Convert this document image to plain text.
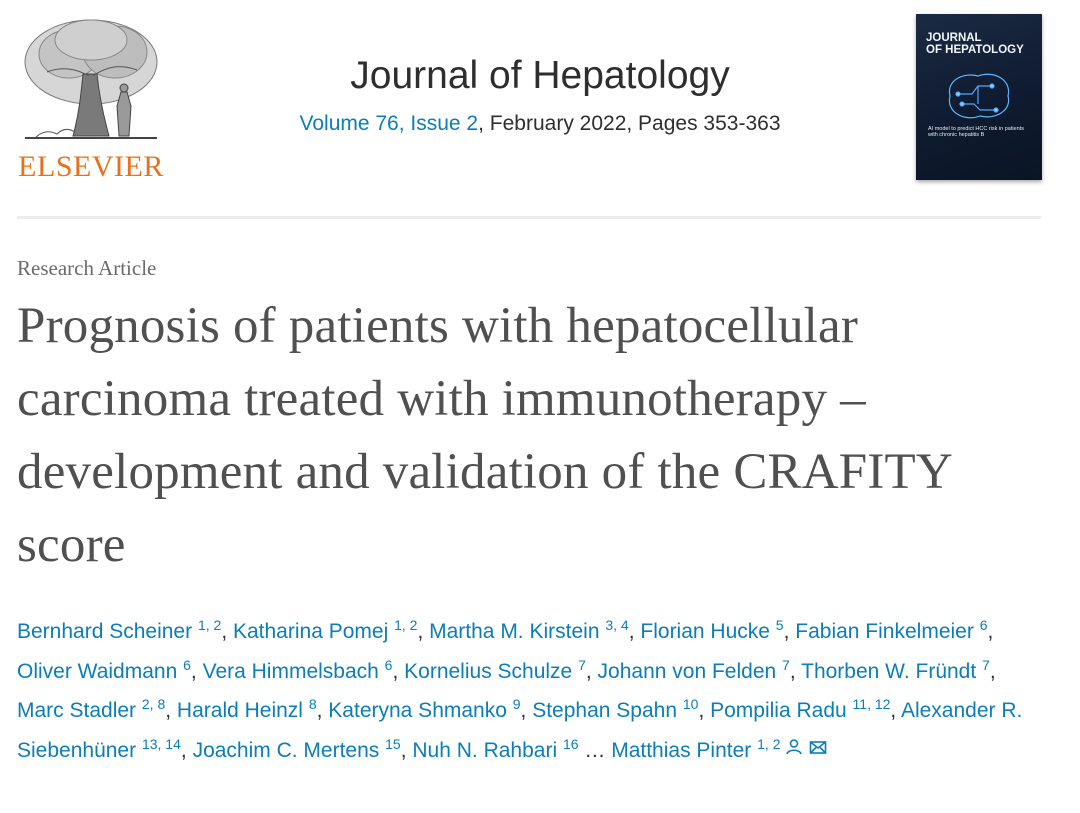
ELSEVIER
Journal of Hepatology
Volume 76, Issue 2, February 2022, Pages 353-363
JOURNAL
OF HEPATOLOGY
AI model to predict HCC risk in patients with chronic hepatitis B
Research Article
Prognosis of patients with hepatocellular carcinoma treated with immunotherapy – development and validation of the CRAFITY score
Bernhard Scheiner $^{1, 2}$, Katharina Pomej $^{1, 2}$, Martha M. Kirstein $^{3, 4}$, Florian Hucke $^5$, Fabian Finkelmeier $^6$, Oliver Waidmann $^6$, Vera Himmelsbach $^6$, Kornelius Schulze $^7$, Johann von Felden $^7$, Thorben W. Fründt $^7$, Marc Stadler $^{2, 8}$, Harald Heinzl $^8$, Kateryna Shmanko $^9$, Stephan Spahn $^{10}$, Pompilia Radu $^{11, 12}$, Alexander R. Siebenhüner $^{13, 14}$, Joachim C. Mertens $^{15}$, Nuh N. Rahbari $^{16}$ … Matthias Pinter $^{1, 2}$
